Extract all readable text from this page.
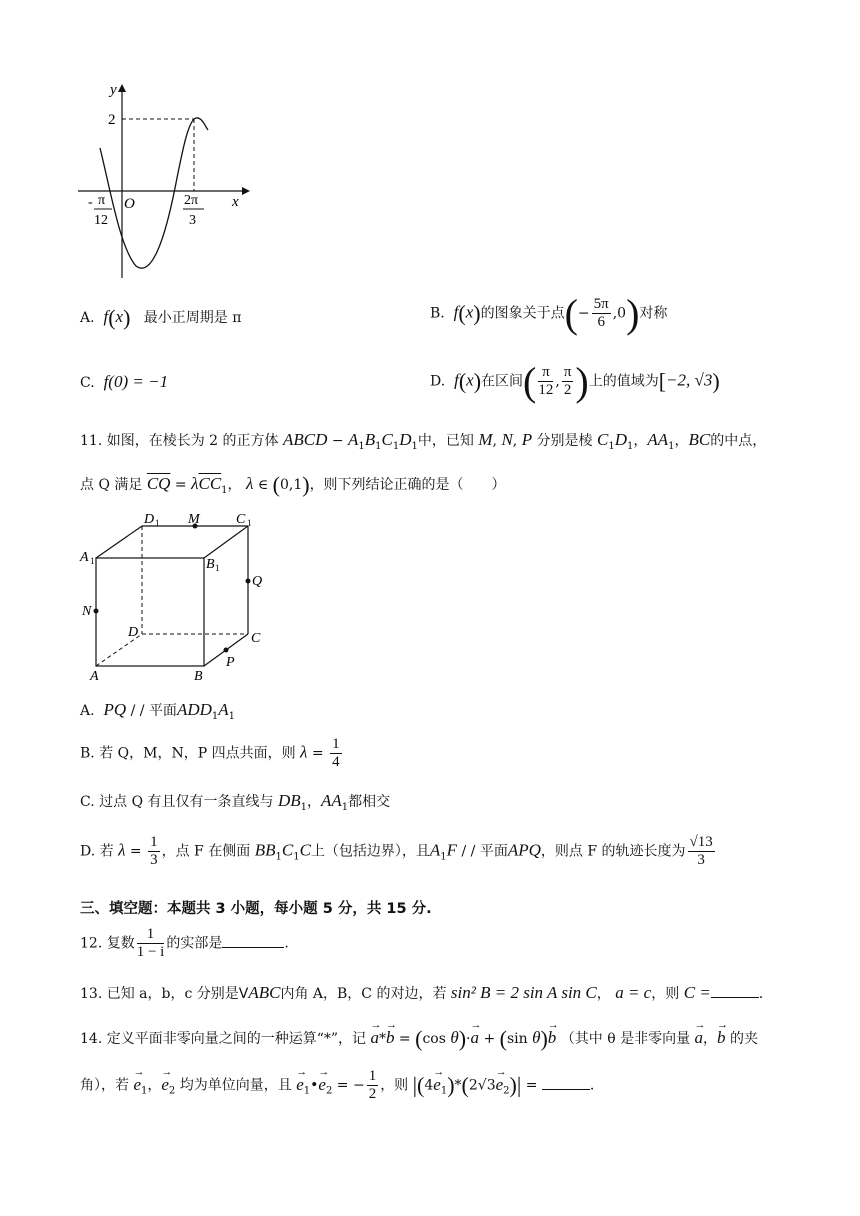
y
x
O
2
- π
12
2π
3
A. f(x) 最小正周期是 π	B. f(x)的图象关于点(− $\frac{5\pi}{6} ,0$)对称
C. f(0) = −1	D. f(x)在区间( $\frac{\pi}{12}$ , $\frac{\pi}{2}$ )上的值域为[−2, √3)
11. 如图，在棱长为 2 的正方体 ABCD − $A_1B_1C_1D_1$中，已知 M, N, P 分别是棱 $C_1D_1$，$AA_1$，BC的中点，
点 Q 满足 $\overline{CQ} = \lambda\overline{CC}_1$， λ ∈ (0,1)，则下列结论正确的是（　　）
D 1 M	C 1
A 1	B 1
Q
N
D	C
P
A	B
A. PQ / / 平面$ADD_1A_1$
B. 若 Q，M，N，P 四点共面，则 $\lambda = \frac{1}{4}$
C. 过点 Q 有且仅有一条直线与 $DB_1$，$AA_1$都相交
D. 若 $\lambda = \frac{1}{3}$ ，点 F 在侧面 $BB_1C_1C$上（包括边界），且$A_1F$ / / 平面APQ，则点 F 的轨迹长度为 $\frac{√13}{3}$
三、填空题：本题共 3 小题，每小题 5 分，共 15 分.
12. 复数 $\frac{1}{1 - i}$ 的实部是	.
13. 已知 a，b，c 分别是VABC内角 A，B，C 的对边，若 sin² B = 2 sin A sin C， a = c，则 C =	.
14. 定义平面非零向量之间的一种运算“*”，记 → a*→ b = (cos θ)·→ a + (sin θ)→ b （其中 θ 是非零向量 → a，→ b 的夹
角），若 → $e_1$，→ $e_2$ 均为单位向量，且 → $e_1•\to e_2$ = − $\frac{1}{2}$ ，则 $|(4\to e_1)*(2√3\to e_2)|$ =	.
